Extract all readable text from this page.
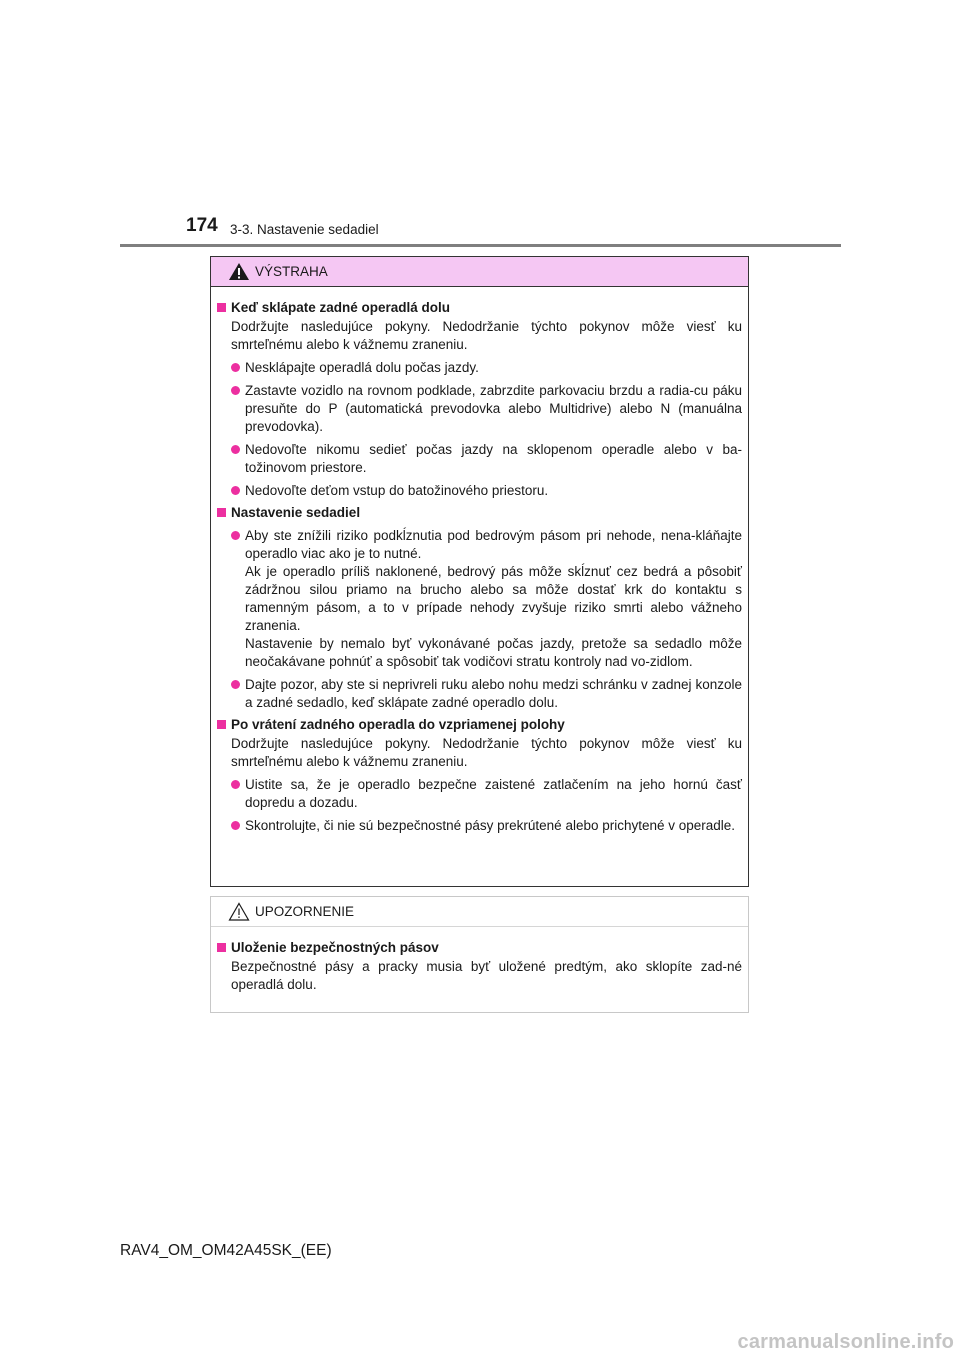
174 3-3. Nastavenie sedadiel
VÝSTRAHA
Keď sklápate zadné operadlá dolu
Dodržujte nasledujúce pokyny. Nedodržanie týchto pokynov môže viesť ku smrteľnému alebo k vážnemu zraneniu.
Nesklápajte operadlá dolu počas jazdy.
Zastavte vozidlo na rovnom podklade, zabrzdite parkovaciu brzdu a radia-cu páku presuňte do P (automatická prevodovka alebo Multidrive) alebo N (manuálna prevodovka).
Nedovoľte nikomu sedieť počas jazdy na sklopenom operadle alebo v ba-tožinovom priestore.
Nedovoľte deťom vstup do batožinového priestoru.
Nastavenie sedadiel
Aby ste znížili riziko podkĺznutia pod bedrovým pásom pri nehode, nena-kláňajte operadlo viac ako je to nutné.
Ak je operadlo príliš naklonené, bedrový pás môže skĺznuť cez bedrá a pôsobiť zádržnou silou priamo na brucho alebo sa môže dostať krk do kontaktu s ramenným pásom, a to v prípade nehody zvyšuje riziko smrti alebo vážneho zranenia.
Nastavenie by nemalo byť vykonávané počas jazdy, pretože sa sedadlo môže neočakávane pohnúť a spôsobiť tak vodičovi stratu kontroly nad vo-zidlom.
Dajte pozor, aby ste si neprivreli ruku alebo nohu medzi schránku v zadnej konzole a zadné sedadlo, keď sklápate zadné operadlo dolu.
Po vrátení zadného operadla do vzpriamenej polohy
Dodržujte nasledujúce pokyny. Nedodržanie týchto pokynov môže viesť ku smrteľnému alebo k vážnemu zraneniu.
Uistite sa, že je operadlo bezpečne zaistené zatlačením na jeho hornú časť dopredu a dozadu.
Skontrolujte, či nie sú bezpečnostné pásy prekrútené alebo prichytené v operadle.
UPOZORNENIE
Uloženie bezpečnostných pásov
Bezpečnostné pásy a pracky musia byť uložené predtým, ako sklopíte zad-né operadlá dolu.
RAV4_OM_OM42A45SK_(EE)
carmanualsonline.info
